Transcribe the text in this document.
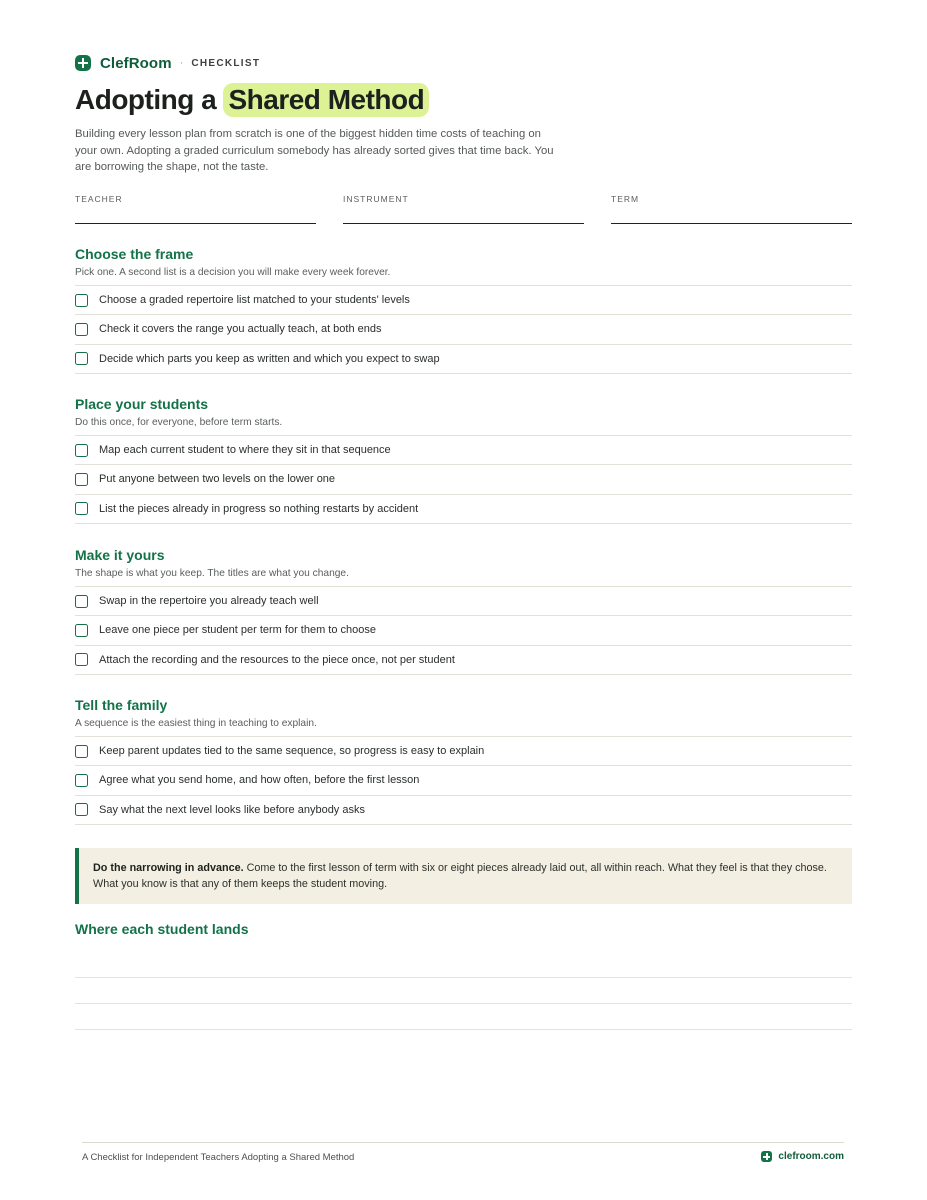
ClefRoom · CHECKLIST
Adopting a Shared Method

Building every lesson plan from scratch is one of the biggest hidden time costs of teaching on your own. Adopting a graded curriculum somebody has already sorted gives that time back. You are borrowing the shape, not the taste.

TEACHER	INSTRUMENT	TERM
Choose the frame
Pick one. A second list is a decision you will make every week forever.
Choose a graded repertoire list matched to your students' levels
Check it covers the range you actually teach, at both ends
Decide which parts you keep as written and which you expect to swap
Place your students
Do this once, for everyone, before term starts.
Map each current student to where they sit in that sequence
Put anyone between two levels on the lower one
List the pieces already in progress so nothing restarts by accident
Make it yours
The shape is what you keep. The titles are what you change.
Swap in the repertoire you already teach well
Leave one piece per student per term for them to choose
Attach the recording and the resources to the piece once, not per student
Tell the family
A sequence is the easiest thing in teaching to explain.
Keep parent updates tied to the same sequence, so progress is easy to explain
Agree what you send home, and how often, before the first lesson
Say what the next level looks like before anybody asks
Do the narrowing in advance. Come to the first lesson of term with six or eight pieces already laid out, all within reach. What they feel is that they chose. What you know is that any of them keeps the student moving.
Where each student lands
A Checklist for Independent Teachers Adopting a Shared Method	clefroom.com
